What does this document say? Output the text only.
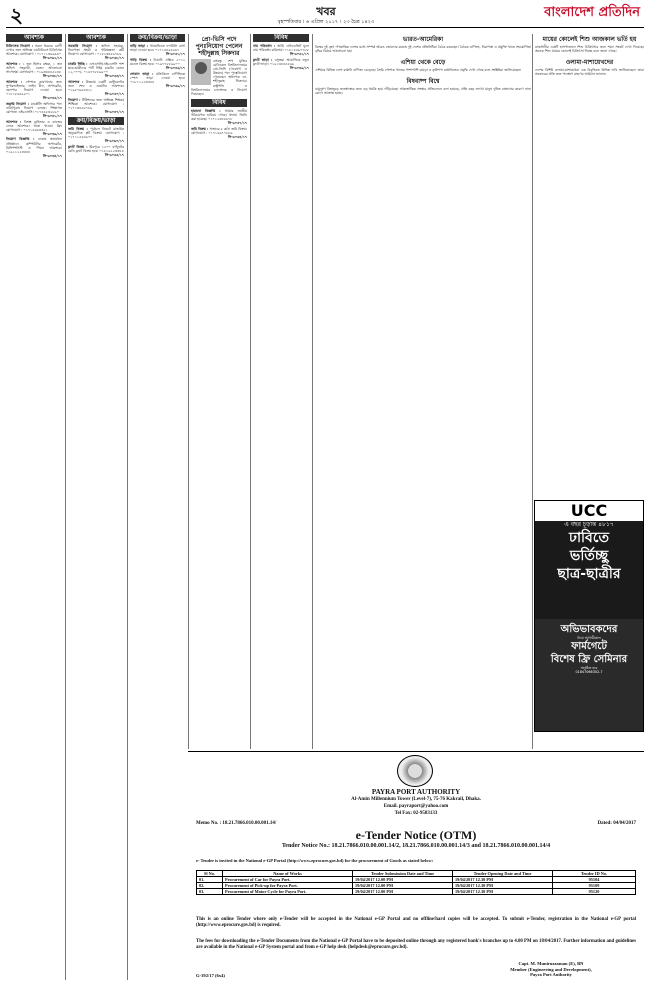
২	খবর
বৃহস্পতিবার । ৬ এপ্রিল ২০১৭ । ২৩ চৈত্র ১৪২৩
বাংলাদেশ প্রতিদিন
আবশ্যক
চিকিৎসক নিয়োগ : সকল ধরনের রোগী দেখার জন্য অভিজ্ঞ এমবিবিএস চিকিৎসক আবশ্যক। যোগাযোগ : ০১৭১১৩৬৬৯৪০
সি-৬০৬২/১৭
আবশ্যক : ১ জন হিসাব রক্ষক, ১ জন অফিস সহকারী, বেতন আলোচনা সাপেক্ষে। যোগাযোগ : ০১৯৩৩৪৪৫২৩৪
সি-৬০৪৮/১৭
আবশ্যক : পোশাক কারখানার জন্য সুপারভাইজার, লাইন চীফ, অপারেটর, হেলপার নিয়োগ দেওয়া হবে। ০১৮১৮৬৪৯৫০১
সি-৬০৪৫/১৭
জরুরি নিয়োগ : মার্কেটিং অফিসার পদে নারী/পুরুষ নিয়োগ চলছে। শিক্ষাগত যোগ্যতা এইচএসসি। ০১৭৪৪৫৩২৮৯০
সি-৬০৪১/১৭
আবশ্যক : বিশ্বস্ত ড্রাইভার ও কাজের লোক আবশ্যক। থাকা খাওয়া ফ্রি। যোগাযোগ : ০১৭১৫৬৬৩৩২১
সি-৬০৩৯/১৭
নিয়োগ বিজ্ঞপ্তি : ঢাকায় স্বনামধন্য প্রতিষ্ঠানে কম্পিউটার অপারেটর, রিসিপশনিস্ট ও পিয়ন আবশ্যক। ০১৯১১২২৩৩৪৪
সি-৬০৩৫/১৭
আবশ্যক
সরকারি নিয়োগ : অফিস সহায়ক, নিরাপত্তা প্রহরী ও পরিচ্ছন্নতা কর্মী নিয়োগ। যোগাযোগ : ০১৮২৩৪৫৬৭৮৯
সি-৬০৫৮/১৭
চাকরি দিচ্ছি : এসএসসি/এইচএসসি পাশ ছাত্র-ছাত্রীদের পার্ট টাইম চাকরি। বেতন ১২,০০০/- ০১৬৭৭৮৮৯৯০০
সি-৬০৫৩/১৭
আবশ্যক : উত্তরায় একটি রেস্টুরেন্টের জন্য শেফ ও ওয়েটার আবশ্যক। ০১৯৮৭৬৫৪৩২১
সি-৬০৫০/১৭
নিয়োগ : টিউশনের জন্য অভিজ্ঞ শিক্ষক/শিক্ষিকা আবশ্যক। যোগাযোগ : ০১৭১৩৪৫৬৭৮৯
সি-৬০৪৭/১৭
ক্রয়/বিক্রয়/ভাড়া
জমি বিক্রয় : পূর্বাচল নিকটে রাজউক অনুমোদিত প্লট বিক্রয়। যোগাযোগ : ০১৭১১৫৫৬৬৭৭
সি-৬০৬০/১৭
ফ্ল্যাট বিক্রয় : মিরপুরে ১২০০ বর্গফুটের রেডি ফ্ল্যাট বিক্রয় হবে। ০১৮১৯২২৩৩৪৪
সি-৬০৫৫/১৭
ক্রয়/বিক্রয়/ভাড়া
বাড়ি ভাড়া : ধানমন্ডিতে ফ্যামিলি বাসা ভাড়া দেওয়া হবে। ০১৭১৪৪৫৫৬৬৭
সি-৬০৫১/১৭
গাড়ি বিক্রয় : টয়োটা এক্সিও ২০১২ মডেল বিক্রয় হবে। ০১৯৭৭৮৮৯৯০০
সি-৬০৪৬/১৭
দোকান ভাড়া : মতিঝিলে বাণিজ্যিক স্পেস ভাড়া দেওয়া হবে। ০১৮১১২২৩৩৪৪
সি-৬০৫৯/১৭
প্রো-ভিসি পদে পুনঃনিয়োগ পেলেন শহীদুল্লাহ সিকদার
বঙ্গবন্ধু শেখ মুজিব মেডিকেল বিশ্ববিদ্যালয়ের প্রো-ভিসি (গবেষণা ও উন্নয়ন) পদে পুনঃনিয়োগ পেয়েছেন অধ্যাপক ডা. শহীদুল্লাহ সিকদার। রাষ্ট্রপতি ও বিশ্ববিদ্যালয়ের চ্যান্সেলর এ নিয়োগ দিয়েছেন।
বিবিধ
হারানো বিজ্ঞপ্তি : আমার জাতীয় পরিচয়পত্র হারিয়ে গেছে। থানায় জিডি করা হয়েছে। ০১৭১২৩৪৫৬৭৮
সি-৬০৫৭/১৭
জমি বিক্রয় : সাভারে ৫ কাঠা জমি বিক্রয়। যোগাযোগ : ০১৭১৬৬৭৭৮৮৯
সি-৬০৫৪/১৭
বিবিধ
নাম পরিবর্তন : আমি এফিডেভিট মূলে নাম পরিবর্তন করিলাম। ০১৮১৫৬৬৭৭৮৮
সি-৬০৫২/১৭
ফ্ল্যাট ভাড়া : বসুন্ধরা আবাসিকে নতুন ফ্ল্যাট ভাড়া। ০১৯১৩৪৪৫৫৬৬
সি-৬০৪৯/১৭
ভারত-আমেরিকা
বিশ্বের দুই বৃহৎ গণতান্ত্রিক দেশের মধ্যে সম্পর্ক আরও জোরদার করতে দুই দেশের প্রতিনিধিরা বৈঠক করেছেন। বৈঠকে বাণিজ্য, নিরাপত্তা ও প্রযুক্তি খাতে সহযোগিতা বৃদ্ধির বিষয়ে আলোচনা হয়।
এশিয়া থেকে বেড়ে
এশিয়ার বিভিন্ন দেশে রপ্তানি বাণিজ্য বেড়েছে। তৈরি পোশাক খাতের পাশাপাশি চামড়া ও কৃষিপণ্য রপ্তানিতেও প্রবৃদ্ধি দেখা গেছে বলে সংশ্লিষ্টরা জানিয়েছেন।
বিষবাষ্প বিশ্বে
বায়ুদূষণ বিশ্বজুড়ে জনস্বাস্থ্যের জন্য বড় হুমকি হয়ে দাঁড়িয়েছে। আন্তর্জাতিক সংস্থার প্রতিবেদনে বলা হয়েছে, প্রতি বছর লাখো মানুষ দূষিত বাতাসের কারণে নানা রোগে আক্রান্ত হচ্ছে।
মায়ের কোলেই শিশু আজকাল ভর্তি হয়
রাজধানীর একটি হাসপাতালে শিশু চিকিৎসার জন্য শয্যা সংকট দেখা দিয়েছে। অনেক শিশু মায়ের কোলেই চিকিৎসা নিচ্ছে বলে জানা গেছে।
ওলামা-মাশায়েখদের
দেশের বিশিষ্ট ওলামা-মাশায়েখরা এক বিবৃতিতে বিভিন্ন দাবি জানিয়েছেন। তারা সরকারের প্রতি দ্রুত পদক্ষেপ গ্রহণের আহ্বান জানান।
UCC
এ বছর চূড়ান্ত ৪৮১৭
ঢাবিতে
ভর্তিচ্ছু
ছাত্র-ছাত্রীর
অভিভাবকদের
নিয়ে আগামীকাল
ফার্মগেটে
বিশেষ ফ্রি সেমিনার
অনুষ্ঠিত হবে
01847066302-7
PAYRA PORT AUTHORITY
Al-Amin Millennium Tower (Level-7), 75-76 Kakrail, Dhaka.
Email. payraport@yahoo.com
Tel Fax: 02-9583133
Memo No. : 18.21.7866.010.00.001.14/	Dated: 04/04/2017
e-Tender Notice (OTM)
Tender Notice No.: 18.21.7866.010.00.001.14/2, 18.21.7866.010.00.001.14/3 and 18.21.7866.010.00.001.14/4
e- Tender is invited in the National e-GP Portal (http://www.eprocure.gov.bd) for the procurement of Goods as stated below:
Sl No.	Name of Works	Tender Submission Date and Time	Tender Opening Date and Time	Tender ID No.
01.	Procurement of Car for Payra Port.	19/04/2017 12.00 PM	19/04/2017 12.30 PM	95104
02.	Procurement of Pick-up for Payra Port.	19/04/2017 12.00 PM	19/04/2017 12.30 PM	95109
03.	Procurement of Motor Cycle for Payra Port.	19/04/2017 12.00 PM	19/04/2017 12.30 PM	95120
This is an online Tender where only e-Tender will be accepted in the National e-GP Portal and no offline/hard copies will be accepted. To submit e-Tender, registration in the National e-GP portal (http://www.eprocure.gov.bd) is required.
The fees for downloading the e-Tender Documents from the National e-GP Portal have to be deposited online through any registered bank's branches up to 4.00 PM on 18/04/2017. Further information and guidelines are available in the National e-GP System portal and from e-GP help desk (helpdesk@eprocure.gov.bd).
Capt. M. Muniruzzaman (E), BN
Member (Engineering and Development),
Payra Port Authority
G-392/17 (6x4)
